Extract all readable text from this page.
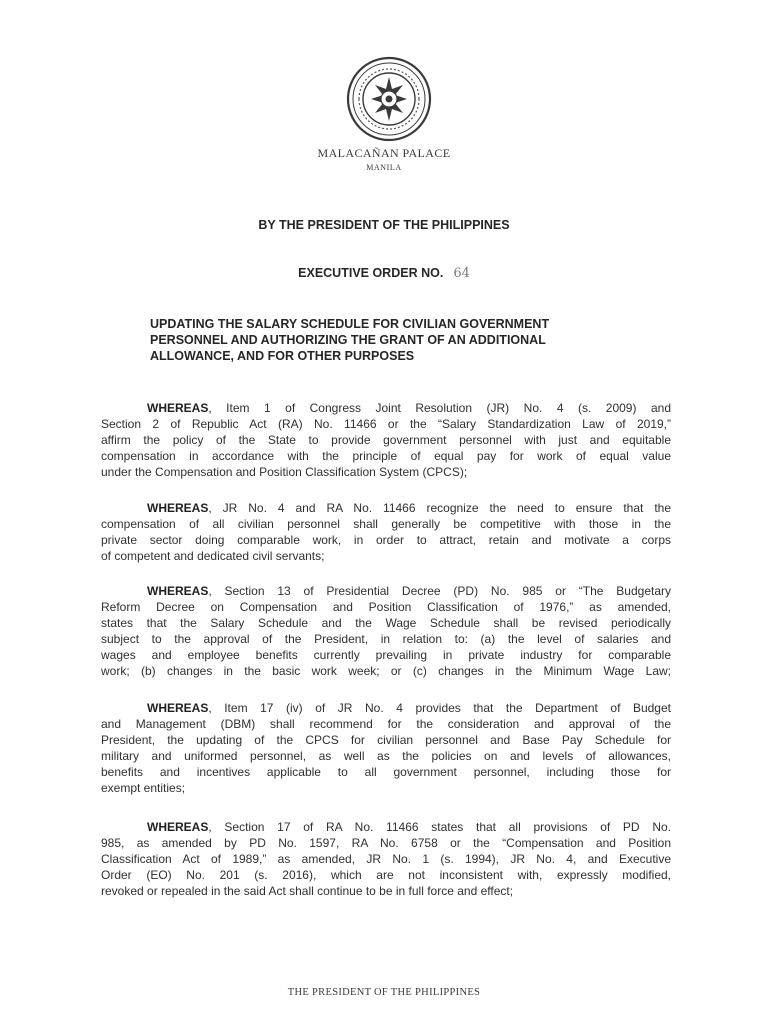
MALACAÑAN PALACE
MANILA
BY THE PRESIDENT OF THE PHILIPPINES
EXECUTIVE ORDER NO. 64
UPDATING THE SALARY SCHEDULE FOR CIVILIAN GOVERNMENT
PERSONNEL AND AUTHORIZING THE GRANT OF AN ADDITIONAL
ALLOWANCE, AND FOR OTHER PURPOSES
WHEREAS, Item 1 of Congress Joint Resolution (JR) No. 4 (s. 2009) and
Section 2 of Republic Act (RA) No. 11466 or the “Salary Standardization Law of 2019,”
affirm the policy of the State to provide government personnel with just and equitable
compensation in accordance with the principle of equal pay for work of equal value
under the Compensation and Position Classification System (CPCS);
WHEREAS, JR No. 4 and RA No. 11466 recognize the need to ensure that the
compensation of all civilian personnel shall generally be competitive with those in the
private sector doing comparable work, in order to attract, retain and motivate a corps
of competent and dedicated civil servants;
WHEREAS, Section 13 of Presidential Decree (PD) No. 985 or “The Budgetary
Reform Decree on Compensation and Position Classification of 1976,” as amended,
states that the Salary Schedule and the Wage Schedule shall be revised periodically
subject to the approval of the President, in relation to: (a) the level of salaries and
wages and employee benefits currently prevailing in private industry for comparable
work; (b) changes in the basic work week; or (c) changes in the Minimum Wage Law;
WHEREAS, Item 17 (iv) of JR No. 4 provides that the Department of Budget
and Management (DBM) shall recommend for the consideration and approval of the
President, the updating of the CPCS for civilian personnel and Base Pay Schedule for
military and uniformed personnel, as well as the policies on and levels of allowances,
benefits and incentives applicable to all government personnel, including those for
exempt entities;
WHEREAS, Section 17 of RA No. 11466 states that all provisions of PD No.
985, as amended by PD No. 1597, RA No. 6758 or the “Compensation and Position
Classification Act of 1989,” as amended, JR No. 1 (s. 1994), JR No. 4, and Executive
Order (EO) No. 201 (s. 2016), which are not inconsistent with, expressly modified,
revoked or repealed in the said Act shall continue to be in full force and effect;
THE PRESIDENT OF THE PHILIPPINES
